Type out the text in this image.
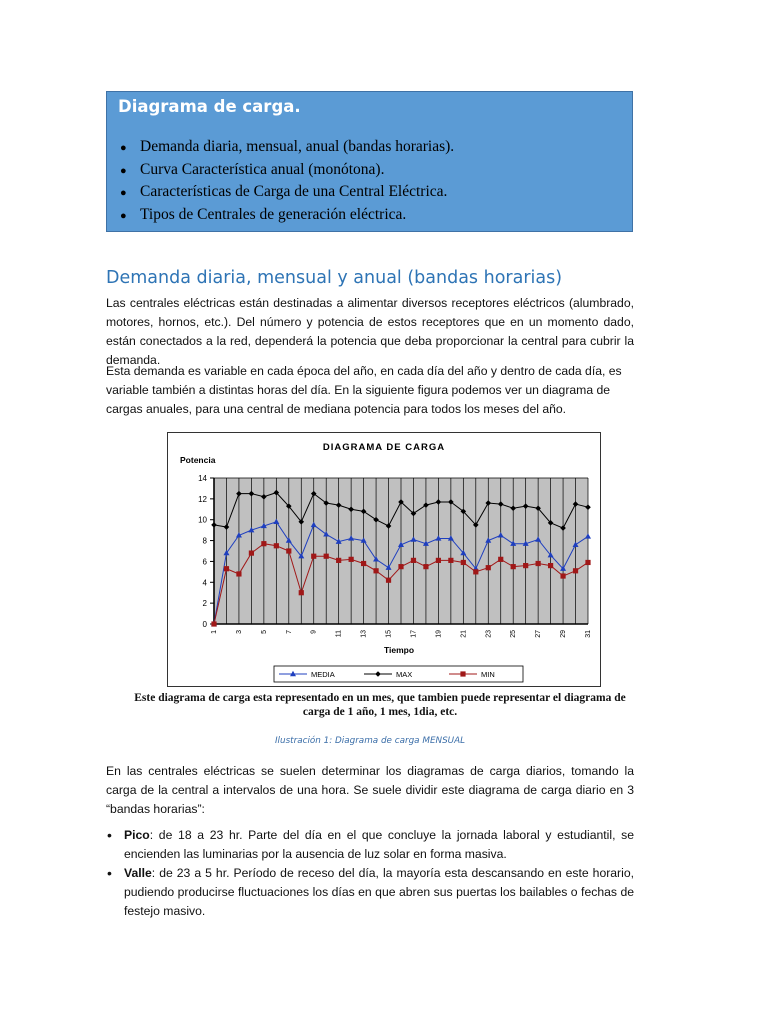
Diagrama de carga.
● Demanda diaria, mensual, anual (bandas horarias).
● Curva Característica anual (monótona).
● Características de Carga de una Central Eléctrica.
● Tipos de Centrales de generación eléctrica.
Demanda diaria, mensual y anual (bandas horarias)
Las centrales eléctricas están destinadas a alimentar diversos receptores eléctricos (alumbrado, motores, hornos, etc.). Del número y potencia de estos receptores que en un momento dado, están conectados a la red, dependerá la potencia que deba proporcionar la central para cubrir la demanda.
Esta demanda es variable en cada época del año, en cada día del año y dentro de cada día, es variable también a distintas horas del día. En la siguiente figura podemos ver un diagrama de cargas anuales, para una central de mediana potencia para todos los meses del año.
DIAGRAMA DE CARGA
Potencia
Tiempo
0
2
4
6
8
10
12
14
1	3	5	7	9	11	13	15	17	19	21	23	25	27	29	31
MEDIA	MAX	MIN
Este diagrama de carga esta representado en un mes, que tambien puede representar el diagrama de carga de 1 año, 1 mes, 1dia, etc.
Ilustración 1: Diagrama de carga MENSUAL
En las centrales eléctricas se suelen determinar los diagramas de carga diarios, tomando la carga de la central a intervalos de una hora. Se suele dividir este diagrama de carga diario en 3 “bandas horarias”:
• Pico: de 18 a 23 hr. Parte del día en el que concluye la jornada laboral y estudiantil, se encienden las luminarias por la ausencia de luz solar en forma masiva.
• Valle: de 23 a 5 hr. Período de receso del día, la mayoría esta descansando en este horario, pudiendo producirse fluctuaciones los días en que abren sus puertas los bailables o fechas de festejo masivo.
